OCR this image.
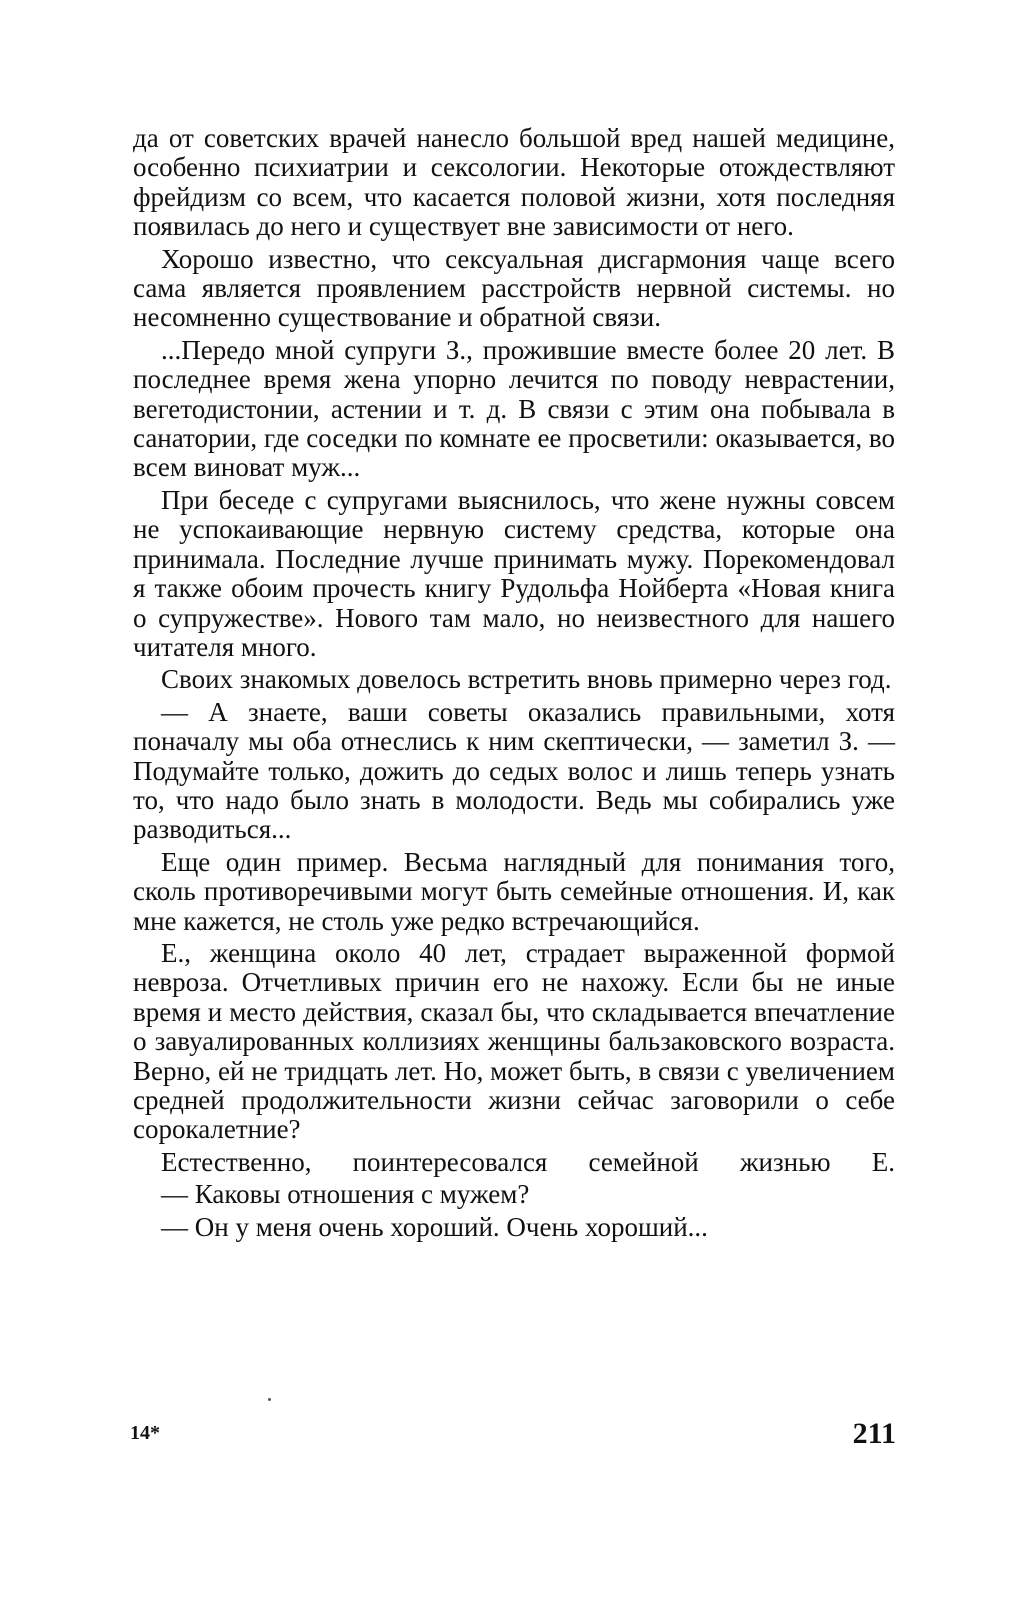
да от советских врачей нанесло большой вред нашей медицине, особенно психиатрии и сексологии. Некоторые отождествляют фрейдизм со всем, что касается половой жизни, хотя последняя появилась до него и существует вне зависимости от него.

Хорошо известно, что сексуальная дисгармония чаще всего сама является проявлением расстройств нервной системы. но несомненно существование и обратной связи.

...Передо мной супруги З., прожившие вместе более 20 лет. В последнее время жена упорно лечится по поводу неврастении, вегетодистонии, астении и т. д. В связи с этим она побывала в санатории, где соседки по комнате ее просветили: оказывается, во всем виноват муж...

При беседе с супругами выяснилось, что жене нужны совсем не успокаивающие нервную систему средства, которые она принимала. Последние лучше принимать мужу. Порекомендовал я также обоим прочесть книгу Рудольфа Нойберта «Новая книга о супружестве». Нового там мало, но неизвестного для нашего читателя много.

Своих знакомых довелось встретить вновь примерно через год.

— А знаете, ваши советы оказались правильными, хотя поначалу мы оба отнеслись к ним скептически, — заметил З. — Подумайте только, дожить до седых волос и лишь теперь узнать то, что надо было знать в молодости. Ведь мы собирались уже разводиться...

Еще один пример. Весьма наглядный для понимания того, сколь противоречивыми могут быть семейные отношения. И, как мне кажется, не столь уже редко встречающийся.

Е., женщина около 40 лет, страдает выраженной формой невроза. Отчетливых причин его не нахожу. Если бы не иные время и место действия, сказал бы, что складывается впечатление о завуалированных коллизиях женщины бальзаковского возраста. Верно, ей не тридцать лет. Но, может быть, в связи с увеличением средней продолжительности жизни сейчас заговорили о себе сорокалетние?

Естественно, поинтересовался семейной жизнью Е.

— Каковы отношения с мужем?

— Он у меня очень хороший. Очень хороший...

14*	211
